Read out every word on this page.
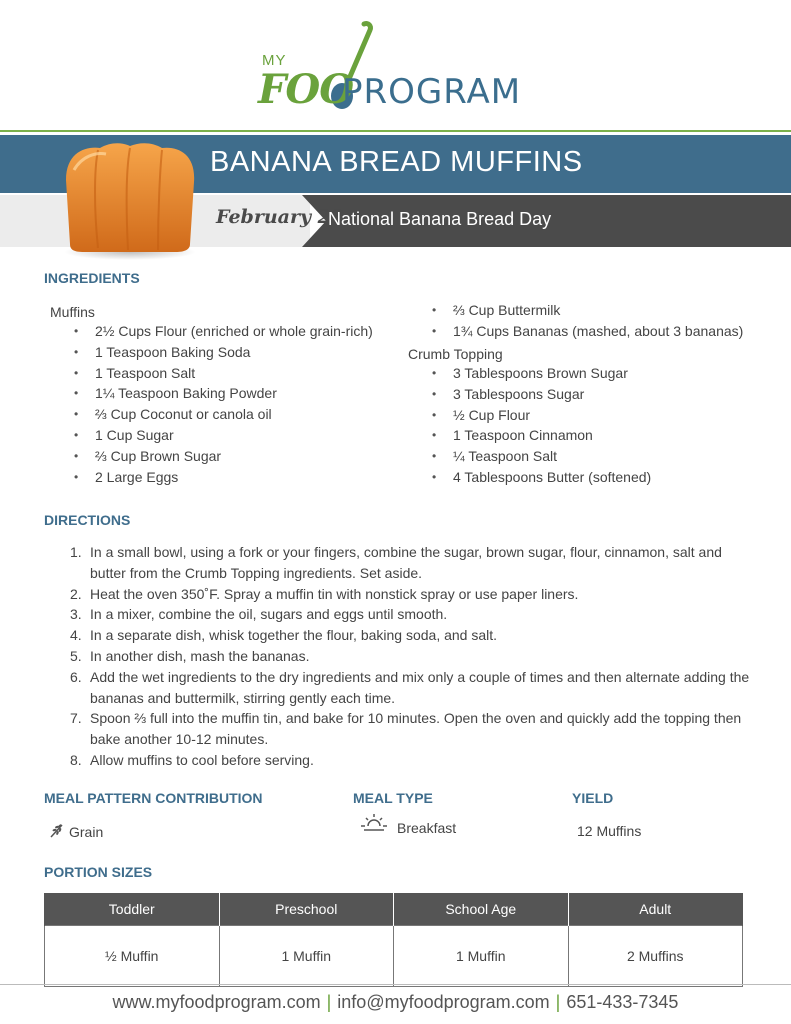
MY
FOO
PROGRAM
BANANA BREAD MUFFINS
February 23
National Banana Bread Day
INGREDIENTS
Muffins
• 2½ Cups Flour (enriched or whole grain-rich)
• 1 Teaspoon Baking Soda
• 1 Teaspoon Salt
• 1¼ Teaspoon Baking Powder
• ⅔ Cup Coconut or canola oil
• 1 Cup Sugar
• ⅔ Cup Brown Sugar
• 2 Large Eggs
• ⅔ Cup Buttermilk
• 1¾ Cups Bananas (mashed, about 3 bananas)
Crumb Topping
• 3 Tablespoons Brown Sugar
• 3 Tablespoons Sugar
• ½ Cup Flour
• 1 Teaspoon Cinnamon
• ¼ Teaspoon Salt
• 4 Tablespoons Butter (softened)
DIRECTIONS
1. In a small bowl, using a fork or your fingers, combine the sugar, brown sugar, flour, cinnamon, salt and butter from the Crumb Topping ingredients. Set aside.
2. Heat the oven 350˚F. Spray a muffin tin with nonstick spray or use paper liners.
3. In a mixer, combine the oil, sugars and eggs until smooth.
4. In a separate dish, whisk together the flour, baking soda, and salt.
5. In another dish, mash the bananas.
6. Add the wet ingredients to the dry ingredients and mix only a couple of times and then alternate adding the bananas and buttermilk, stirring gently each time.
7. Spoon ⅔ full into the muffin tin, and bake for 10 minutes. Open the oven and quickly add the topping then bake another 10-12 minutes.
8. Allow muffins to cool before serving.
MEAL PATTERN CONTRIBUTION
Grain
MEAL TYPE
Breakfast
YIELD
12 Muffins
PORTION SIZES
Toddler	Preschool	School Age	Adult
½ Muffin	1 Muffin	1 Muffin	2 Muffins
www.myfoodprogram.com | info@myfoodprogram.com | 651-433-7345
